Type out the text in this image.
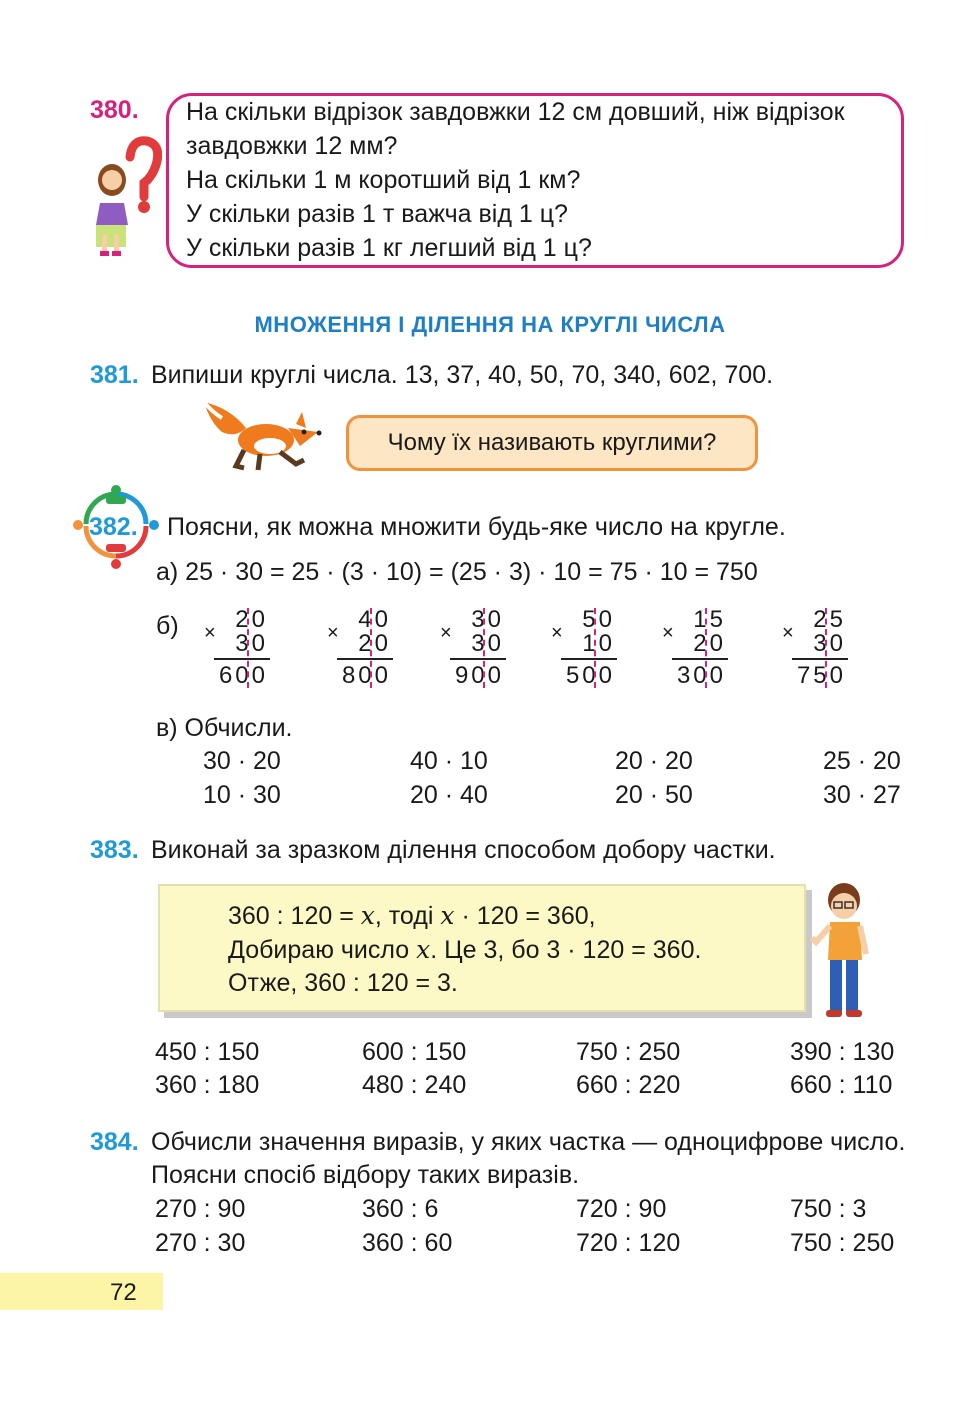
380. На скільки відрізок завдовжки 12 см довший, ніж відрізок
завдовжки 12 мм?
На скільки 1 м коротший від 1 км?
У скільки разів 1 т важча від 1 ц?
У скільки разів 1 кг легший від 1 ц?
МНОЖЕННЯ І ДІЛЕННЯ НА КРУГЛІ ЧИСЛА
381. Випиши круглі числа. 13, 37, 40, 50, 70, 340, 602, 700.
Чому їх називають круглими?
382. Поясни, як можна множити будь-яке число на кругле.
а) 25 · 30 = 25 · (3 · 10) = (25 · 3) · 10 = 75 · 10 = 750
б) × 20
30
600
× 40
20
800
× 30
30
900
× 50
10
500
× 15
20
300
× 25
30
750
в) Обчисли.
30 · 20	40 · 10	20 · 20	25 · 20
10 · 30	20 · 40	20 · 50	30 · 27
383. Виконай за зразком ділення способом добору частки.
360 : 120 = x, тоді x · 120 = 360,
Добираю число x. Це 3, бо 3 · 120 = 360.
Отже, 360 : 120 = 3.
450 : 150	600 : 150	750 : 250	390 : 130
360 : 180	480 : 240	660 : 220	660 : 110
384. Обчисли значення виразів, у яких частка — одноцифрове число.
Поясни спосіб відбору таких виразів.
270 : 90	360 : 6	720 : 90	750 : 3
270 : 30	360 : 60	720 : 120	750 : 250
72
